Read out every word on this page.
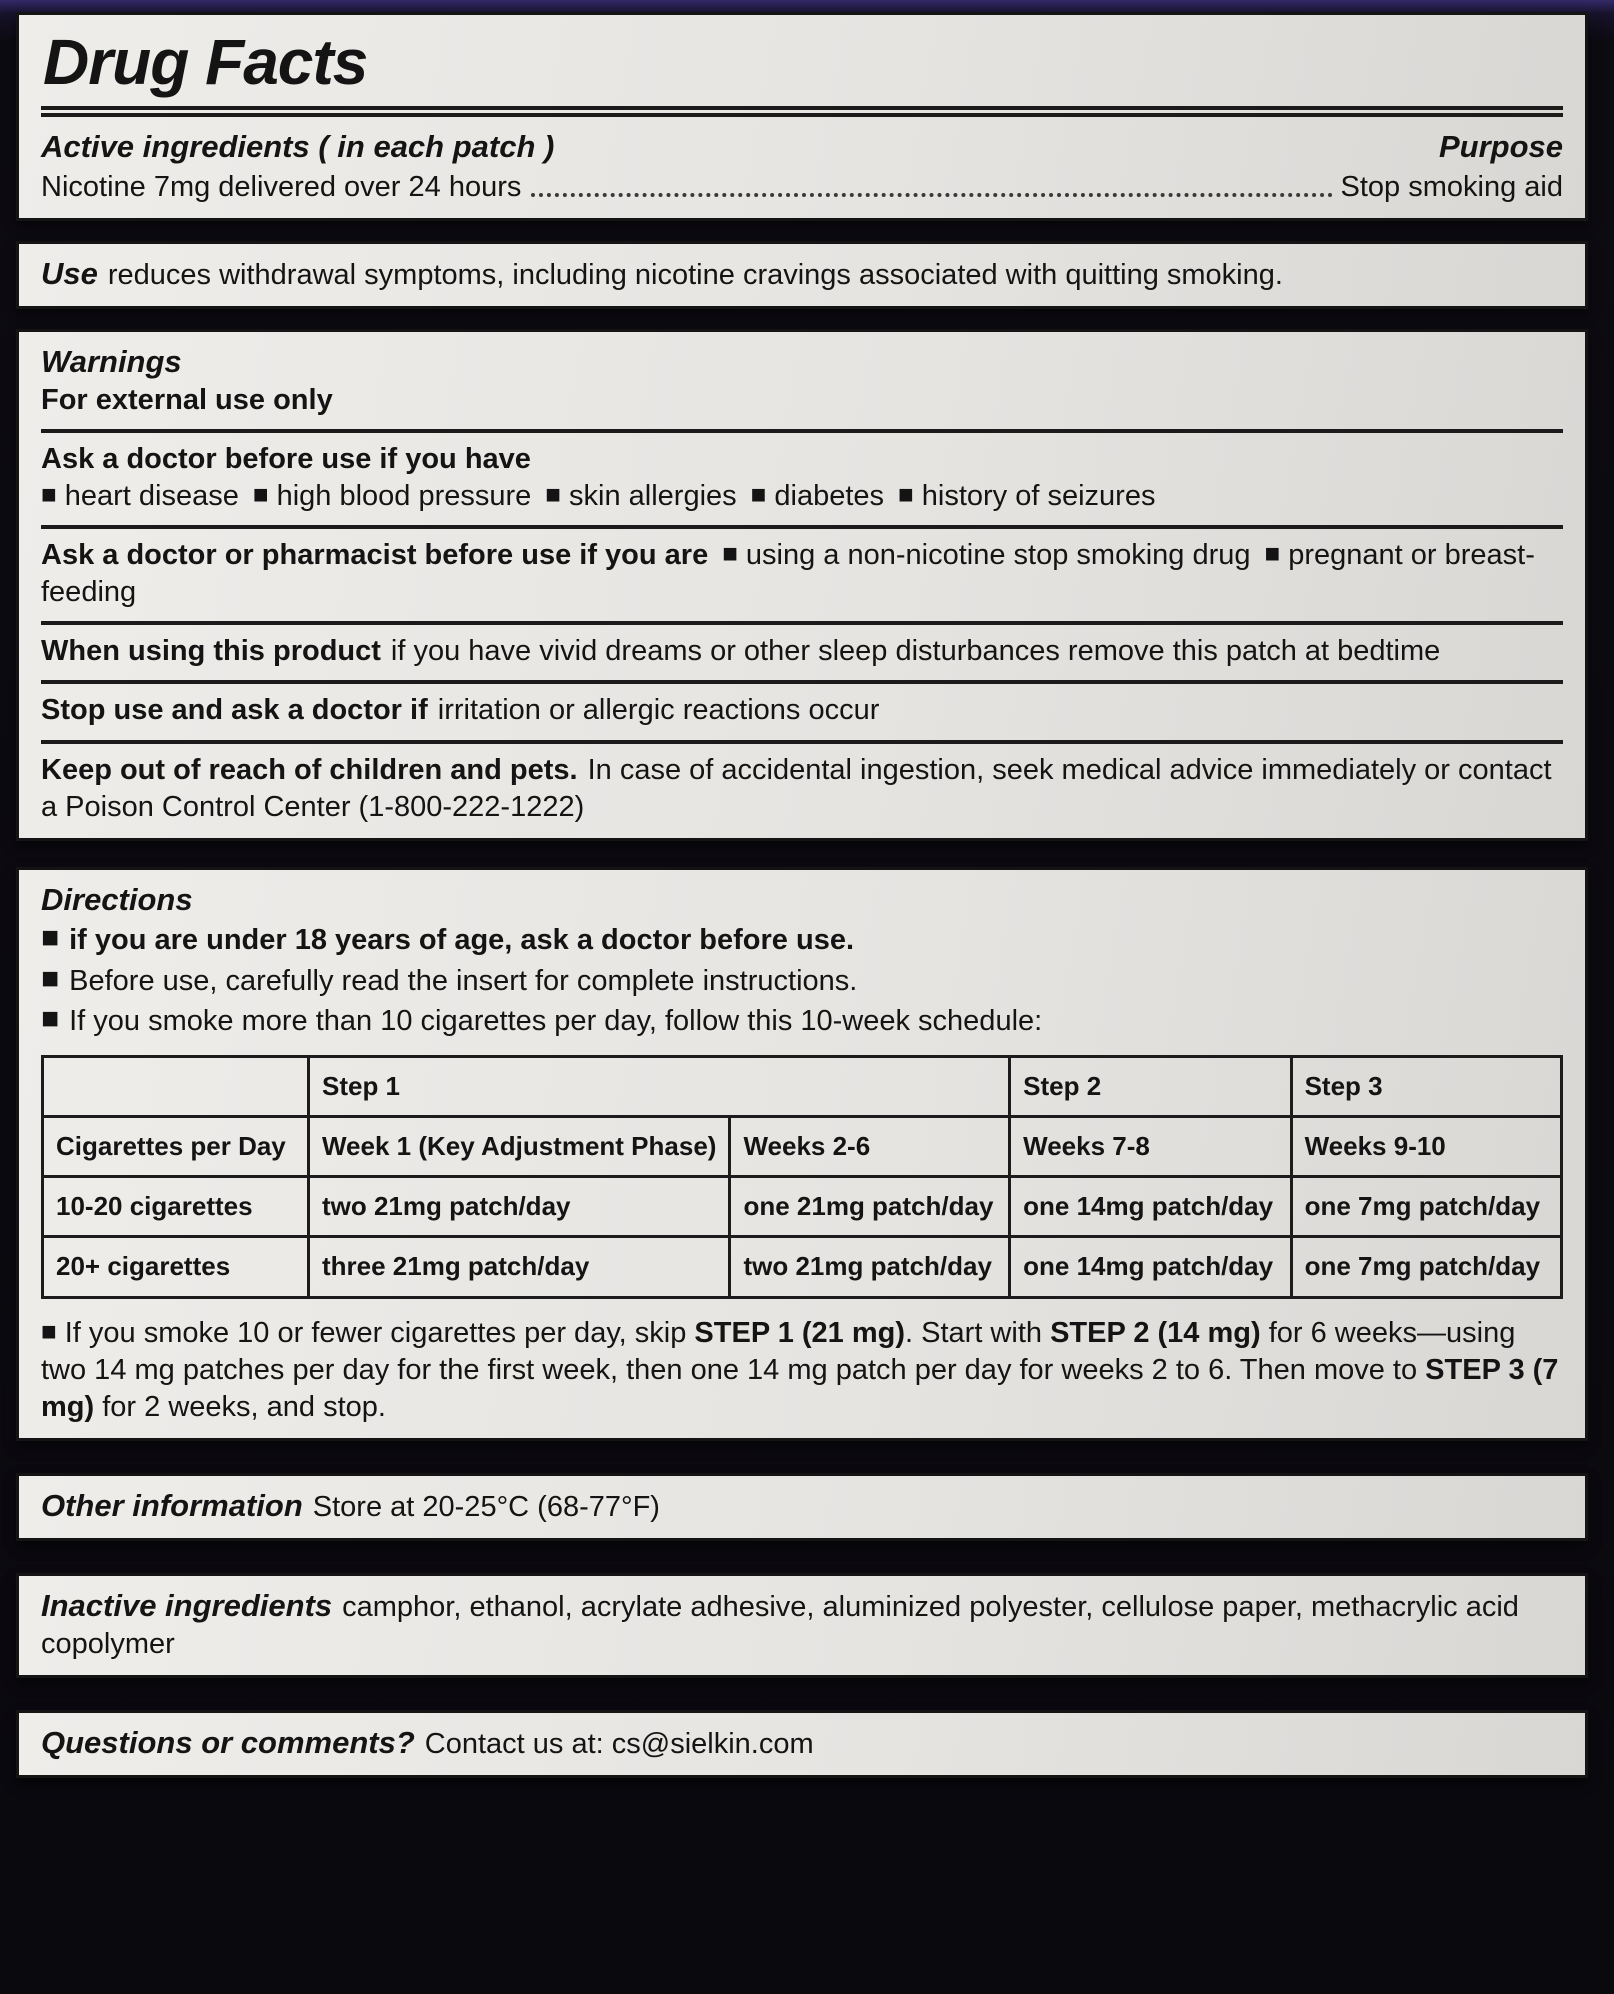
Drug Facts
Active ingredients ( in each patch )	Purpose
Nicotine 7mg delivered over 24 hours	Stop smoking aid
Use reduces withdrawal symptoms, including nicotine cravings associated with quitting smoking.
Warnings
For external use only
Ask a doctor before use if you have
■ heart disease ■ high blood pressure ■ skin allergies ■ diabetes ■ history of seizures
Ask a doctor or pharmacist before use if you are ■ using a non-nicotine stop smoking drug ■ pregnant or breast-feeding
When using this product if you have vivid dreams or other sleep disturbances remove this patch at bedtime
Stop use and ask a doctor if irritation or allergic reactions occur
Keep out of reach of children and pets. In case of accidental ingestion, seek medical advice immediately or contact a Poison Control Center (1-800-222-1222)
Directions
■ if you are under 18 years of age, ask a doctor before use.
■ Before use, carefully read the insert for complete instructions.
■ If you smoke more than 10 cigarettes per day, follow this 10-week schedule:
	Step 1		Step 2	Step 3
Cigarettes per Day	Week 1 (Key Adjustment Phase)	Weeks 2-6	Weeks 7-8	Weeks 9-10
10-20 cigarettes	two 21mg patch/day	one 21mg patch/day	one 14mg patch/day	one 7mg patch/day
20+ cigarettes	three 21mg patch/day	two 21mg patch/day	one 14mg patch/day	one 7mg patch/day
■ If you smoke 10 or fewer cigarettes per day, skip STEP 1 (21 mg). Start with STEP 2 (14 mg) for 6 weeks—using two 14 mg patches per day for the first week, then one 14 mg patch per day for weeks 2 to 6. Then move to STEP 3 (7 mg) for 2 weeks, and stop.
Other information Store at 20-25°C (68-77°F)
Inactive ingredients camphor, ethanol, acrylate adhesive, aluminized polyester, cellulose paper, methacrylic acid copolymer
Questions or comments? Contact us at: cs@sielkin.com
